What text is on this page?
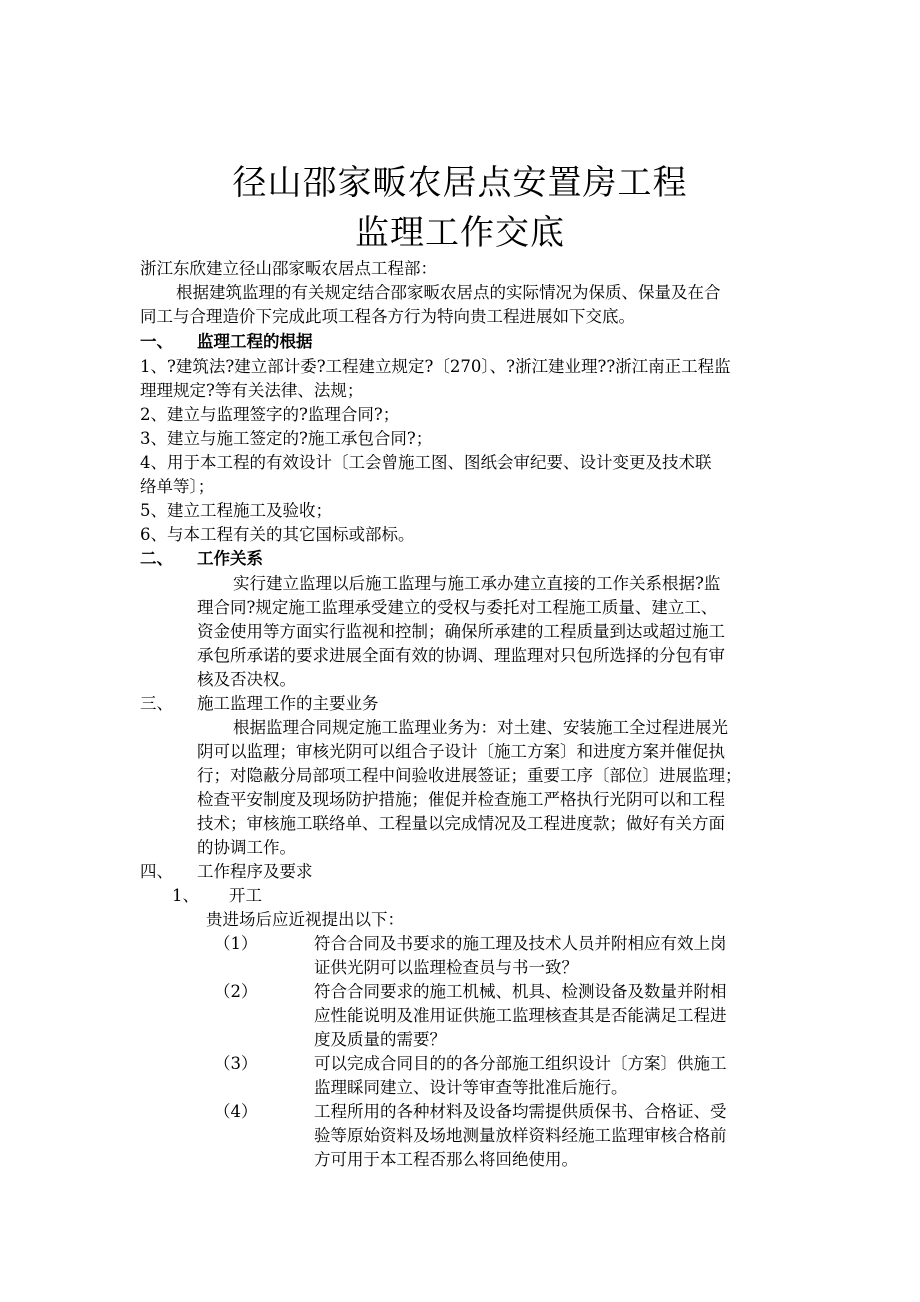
径山邵家畈农居点安置房工程
监理工作交底
浙江东欣建立径山邵家畈农居点工程部：
根据建筑监理的有关规定结合邵家畈农居点的实际情况为保质、保量及在合
同工与合理造价下完成此项工程各方行为特向贵工程进展如下交底。
一、 监理工程的根据
1、?建筑法?建立部计委?工程建立规定?〔270〕、?浙江建业理??浙江南正工程监
理理规定?等有关法律、法规；
2、建立与监理签字的?监理合同?；
3、建立与施工签定的?施工承包合同?；
4、用于本工程的有效设计〔工会曾施工图、图纸会审纪要、设计变更及技术联
络单等〕；
5、建立工程施工及验收；
6、与本工程有关的其它国标或部标。
二、 工作关系
实行建立监理以后施工监理与施工承办建立直接的工作关系根据?监
理合同?规定施工监理承受建立的受权与委托对工程施工质量、建立工、
资金使用等方面实行监视和控制；确保所承建的工程质量到达或超过施工
承包所承诺的要求进展全面有效的协调、理监理对只包所选择的分包有审
核及否决权。
三、 施工监理工作的主要业务
根据监理合同规定施工监理业务为：对土建、安装施工全过程进展光
阴可以监理；审核光阴可以组合子设计〔施工方案〕和进度方案并催促执
行；对隐蔽分局部项工程中间验收进展签证；重要工序〔部位〕进展监理；
检查平安制度及现场防护措施；催促并检查施工严格执行光阴可以和工程
技术；审核施工联络单、工程量以完成情况及工程进度款；做好有关方面
的协调工作。
四、 工作程序及要求
1、 开工
贵进场后应近视提出以下：
（1）	符合合同及书要求的施工理及技术人员并附相应有效上岗
证供光阴可以监理检查员与书一致？
（2）	符合合同要求的施工机械、机具、检测设备及数量并附相
应性能说明及准用证供施工监理核查其是否能满足工程进
度及质量的需要？
（3）	可以完成合同目的的各分部施工组织设计〔方案〕供施工
监理睬同建立、设计等审查等批准后施行。
（4）	工程所用的各种材料及设备均需提供质保书、合格证、受
验等原始资料及场地测量放样资料经施工监理审核合格前
方可用于本工程否那么将回绝使用。
